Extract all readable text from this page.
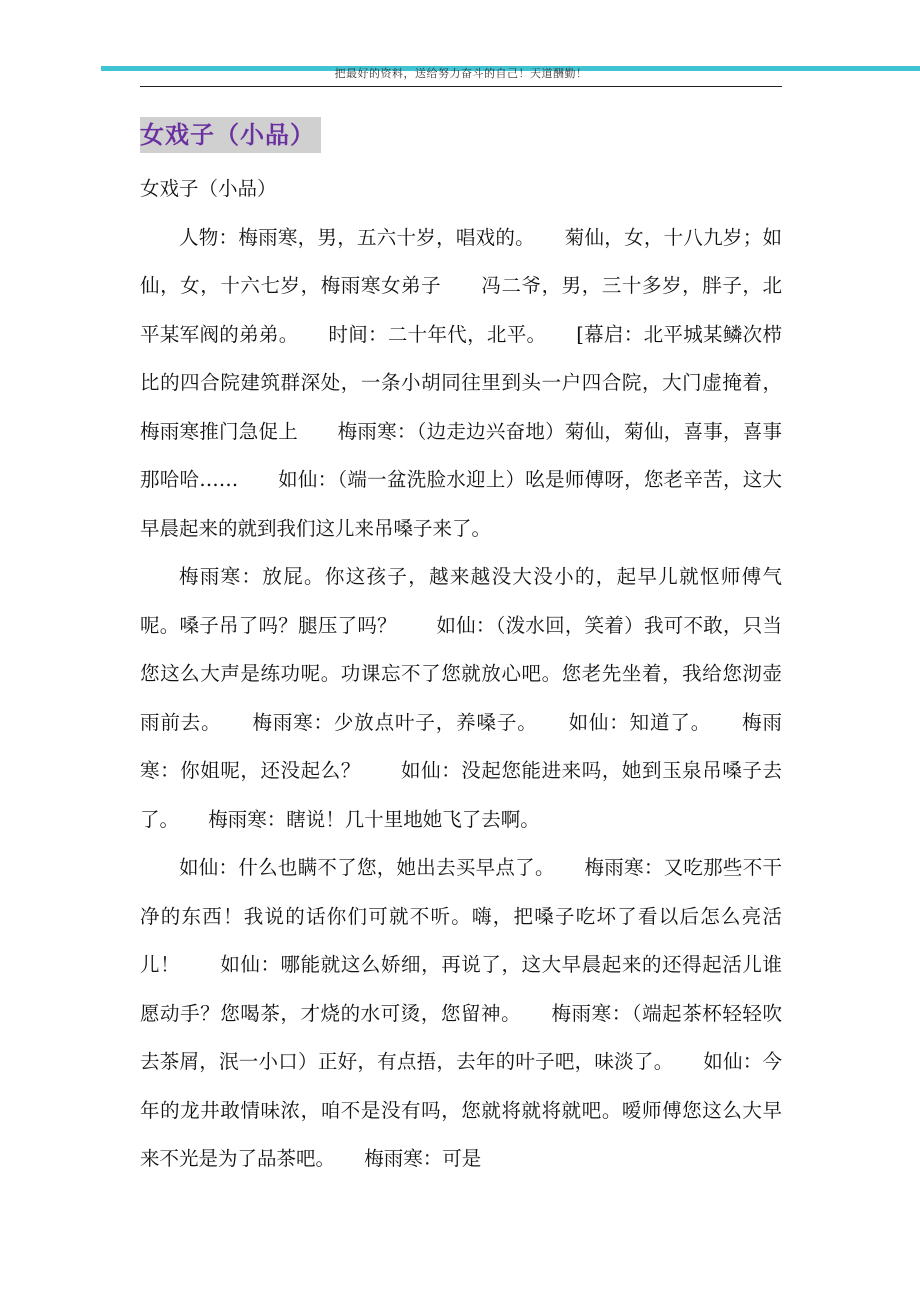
把最好的资料，送给努力奋斗的自己！天道酬勤！
女戏子（小品）

女戏子（小品）

人物：梅雨寒，男，五六十岁，唱戏的。　　菊仙，女，十八九岁；如仙，女，十六七岁，梅雨寒女弟子　　冯二爷，男，三十多岁，胖子，北平某军阀的弟弟。　　时间：二十年代，北平。　　[幕启：北平城某鳞次栉比的四合院建筑群深处，一条小胡同往里到头一户四合院，大门虚掩着，梅雨寒推门急促上　　梅雨寒：（边走边兴奋地）菊仙，菊仙，喜事，喜事那哈哈……　　如仙：（端一盆洗脸水迎上）吆是师傅呀，您老辛苦，这大早晨起来的就到我们这儿来吊嗓子来了。

梅雨寒：放屁。你这孩子，越来越没大没小的，起早儿就怄师傅气呢。嗓子吊了吗？腿压了吗？　　如仙：（泼水回，笑着）我可不敢，只当您这么大声是练功呢。功课忘不了您就放心吧。您老先坐着，我给您沏壶雨前去。　　梅雨寒：少放点叶子，养嗓子。　　如仙：知道了。　　梅雨寒：你姐呢，还没起么？　　如仙：没起您能进来吗，她到玉泉吊嗓子去了。　　梅雨寒：瞎说！几十里地她飞了去啊。

如仙：什么也瞒不了您，她出去买早点了。　　梅雨寒：又吃那些不干净的东西！我说的话你们可就不听。嗨，把嗓子吃坏了看以后怎么亮活儿！　　如仙：哪能就这么娇细，再说了，这大早晨起来的还得起活儿谁愿动手？您喝茶，才烧的水可烫，您留神。　　梅雨寒：（端起茶杯轻轻吹去茶屑，泯一小口）正好，有点捂，去年的叶子吧，味淡了。　　如仙：今年的龙井敢情味浓，咱不是没有吗，您就将就将就吧。嗳师傅您这么大早来不光是为了品茶吧。　　梅雨寒：可是
